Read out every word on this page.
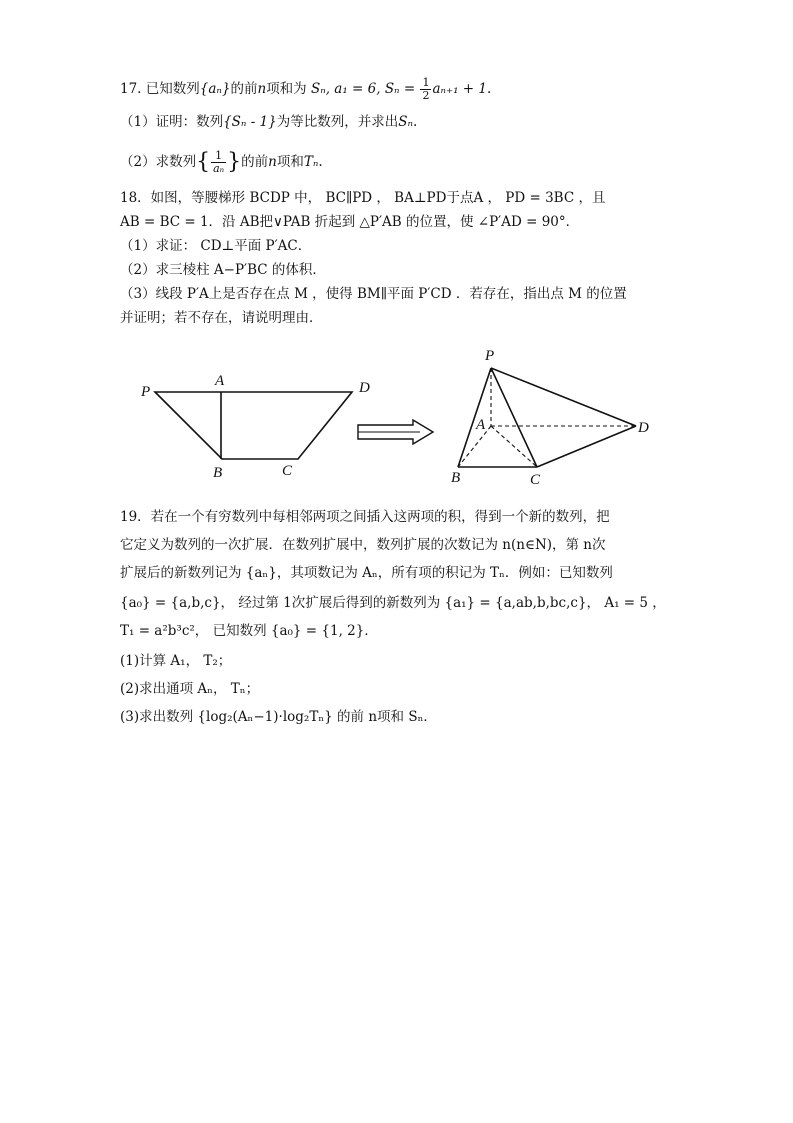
17. 已知数列{aₙ}的前n项和为 Sₙ, a₁ = 6, $S_n = \frac{1}{2} a_{n+1} + 1$.
（1）证明：数列{Sₙ - 1}为等比数列，并求出Sₙ.
（2）求数列{ $\frac{1}{\text{aₙ}}$ }的前n项和Tₙ.
18．如图，等腰梯形 BCDP 中， BC∥PD ， BA⊥PD于点A ， PD = 3BC ，且
AB = BC = 1．沿 AB把∨PAB 折起到 △P′AB 的位置，使 ∠P′AD = 90°．
（1）求证： CD⊥平面 P′AC．
（2）求三棱柱 A−P′BC 的体积．
（3）线段 P′A上是否存在点 M ，使得 BM∥平面 P′CD ．若存在，指出点 M 的位置
并证明；若不存在，请说明理由．
P
A	D
B	C
P
A	D
B	C
19．若在一个有穷数列中每相邻两项之间插入这两项的积，得到一个新的数列，把
它定义为数列的一次扩展．在数列扩展中，数列扩展的次数记为 n(n∈N)，第 n次
扩展后的新数列记为 {aₙ}，其项数记为 Aₙ，所有项的积记为 Tₙ．例如：已知数列
{a₀} = {a,b,c}， 经过第 1次扩展后得到的新数列为 {a₁} = {a,ab,b,bc,c}， A₁ = 5 ，
T₁ = a²b³c²， 已知数列 {a₀} = {1, 2}．
(1)计算 A₁， T₂；
(2)求出通项 Aₙ， Tₙ；
(3)求出数列 {log₂(Aₙ−1)·log₂Tₙ} 的前 n项和 Sₙ．
